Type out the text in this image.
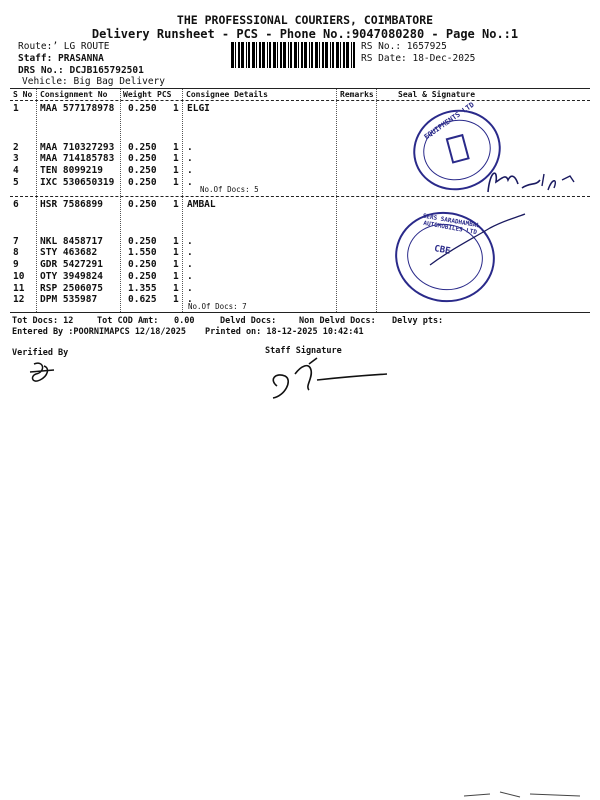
THE PROFESSIONAL COURIERS, COIMBATORE
Delivery Runsheet - PCS - Phone No.:9047080280 - Page No.:1
Route:’ LG ROUTE
Staff: PRASANNA
DRS No.: DCJB165792501
Vehicle: Big Bag Delivery
RS No.: 1657925
RS Date: 18-Dec-2025
S No Consignment No Weight PCS Consignee Details	Remarks	Seal & Signature
1 MAA 577178978 0.250 1 ELGI
2 MAA 710327293 0.250 1 .
3 MAA 714185783 0.250 1 .
4 TEN 8099219	0.250 1 .
5 IXC 530650319 0.250 1 .
No.Of Docs: 5
6 HSR 7586899	0.250 1 AMBAL
7 NKL 8458717	0.250 1 .
8 STY 463682	1.550 1 .
9 GDR 5427291	0.250 1 .
10 OTY 3949824	0.250 1 .
11 RSP 2506075	1.355 1 .
12 DPM 535987	0.625 1 .
No.Of Docs: 7
Tot Docs: 12	Tot COD Amt: 0.00	Delvd Docs:	Non Delvd Docs: Delvy pts:
Entered By :POORNIMAPCS 12/18/2025 Printed on: 18-12-2025 10:42:41
Verified By	Staff Signature
EQUIPMENTS LTD
SERS SARADHAMBAL AUTOMOBILES LTD
CBE
